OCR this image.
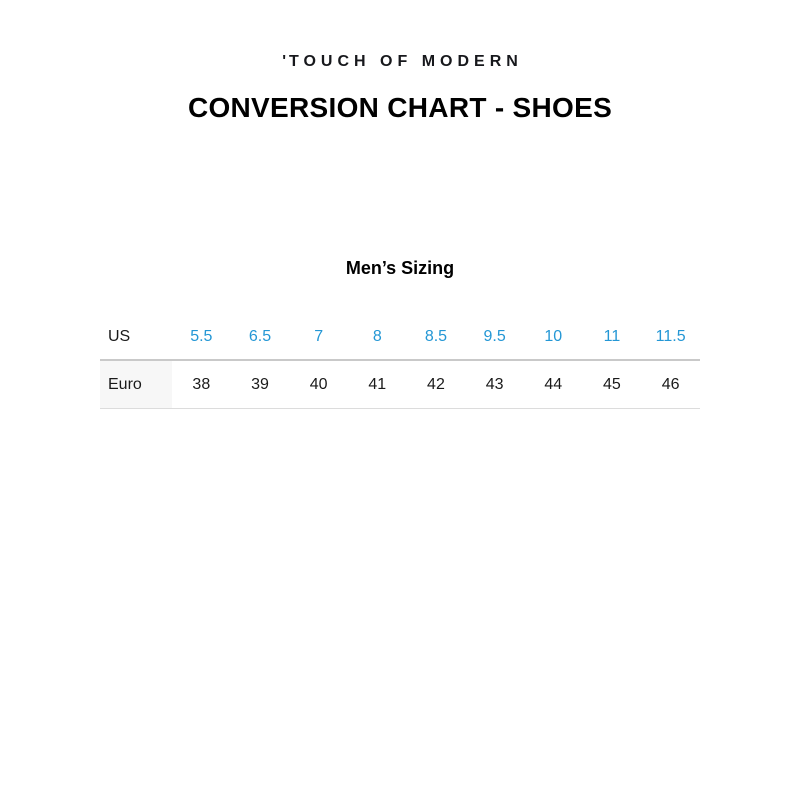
'TOUCH OF MODERN
CONVERSION CHART - SHOES
Men’s Sizing
US	5.5	6.5	7	8	8.5	9.5	10	11	11.5
Euro	38	39	40	41	42	43	44	45	46
